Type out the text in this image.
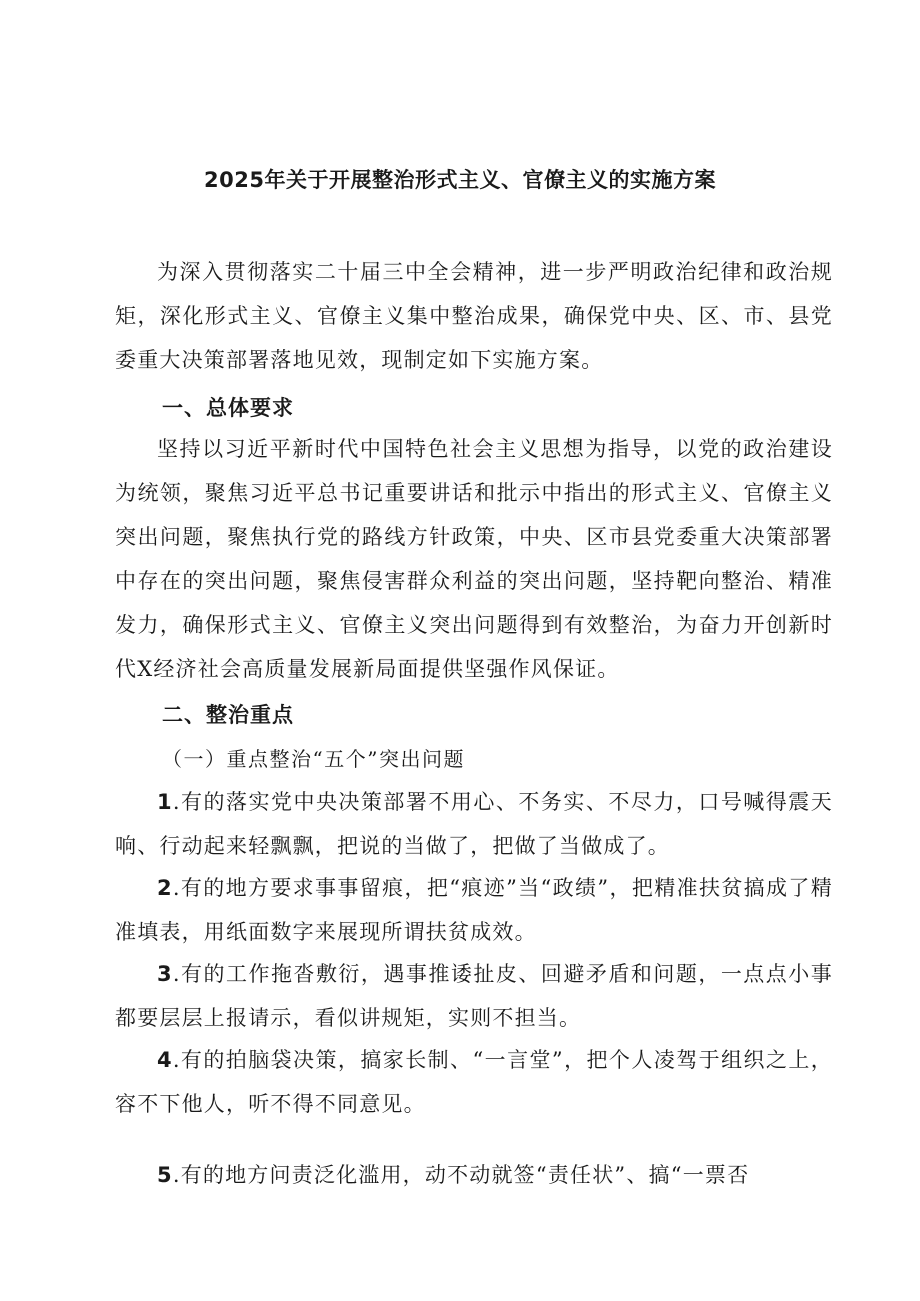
2025年关于开展整治形式主义、官僚主义的实施方案

为深入贯彻落实二十届三中全会精神，进一步严明政治纪律和政治规矩，深化形式主义、官僚主义集中整治成果，确保党中央、区、市、县党委重大决策部署落地见效，现制定如下实施方案。

一、总体要求

坚持以习近平新时代中国特色社会主义思想为指导，以党的政治建设为统领，聚焦习近平总书记重要讲话和批示中指出的形式主义、官僚主义突出问题，聚焦执行党的路线方针政策，中央、区市县党委重大决策部署中存在的突出问题，聚焦侵害群众利益的突出问题，坚持靶向整治、精准发力，确保形式主义、官僚主义突出问题得到有效整治，为奋力开创新时代X经济社会高质量发展新局面提供坚强作风保证。

二、整治重点

（一）重点整治“五个”突出问题

1.有的落实党中央决策部署不用心、不务实、不尽力，口号喊得震天响、行动起来轻飘飘，把说的当做了，把做了当做成了。

2.有的地方要求事事留痕，把“痕迹”当“政绩”，把精准扶贫搞成了精准填表，用纸面数字来展现所谓扶贫成效。

3.有的工作拖沓敷衍，遇事推诿扯皮、回避矛盾和问题，一点点小事都要层层上报请示，看似讲规矩，实则不担当。

4.有的拍脑袋决策，搞家长制、“一言堂”，把个人凌驾于组织之上，容不下他人，听不得不同意见。

5.有的地方问责泛化滥用，动不动就签“责任状”、搞“一票否
